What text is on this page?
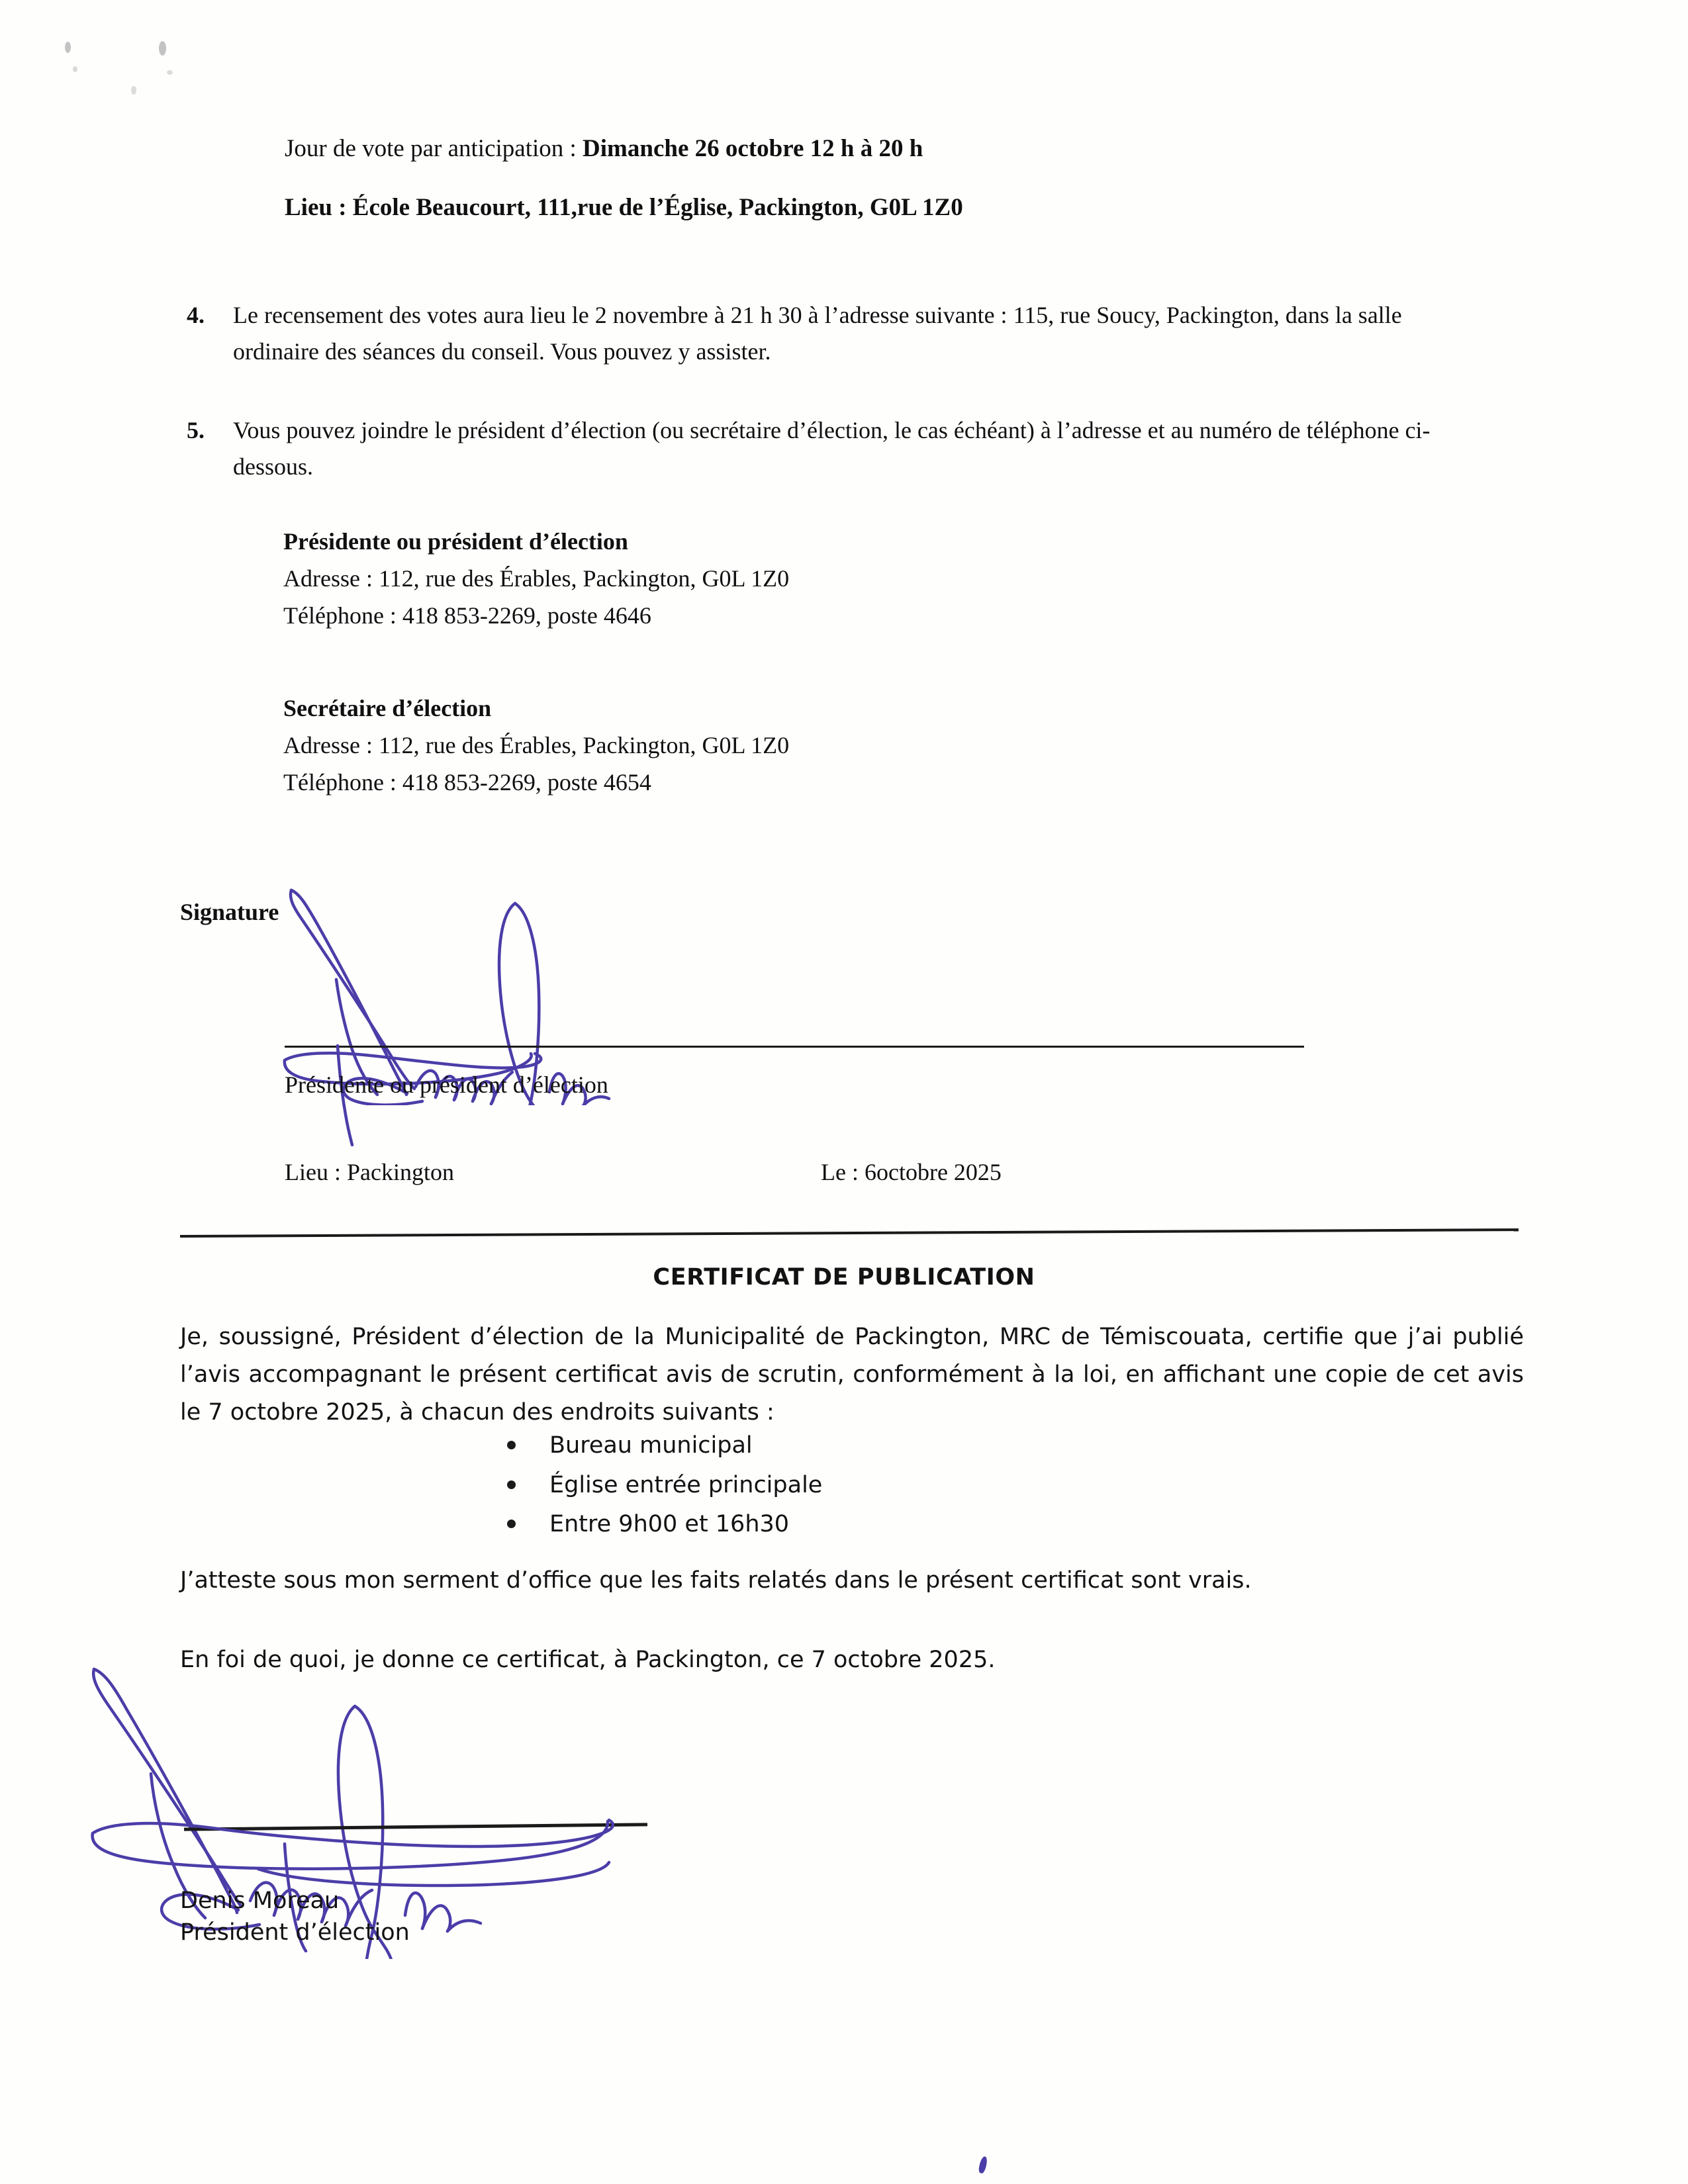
Jour de vote par anticipation : Dimanche 26 octobre 12 h à 20 h
Lieu : École Beaucourt, 111,rue de l’Église, Packington, G0L 1Z0
4.	Le recensement des votes aura lieu le 2 novembre à 21 h 30 à l’adresse suivante : 115, rue Soucy, Packington, dans la salle ordinaire des séances du conseil. Vous pouvez y assister.
5.	Vous pouvez joindre le président d’élection (ou secrétaire d’élection, le cas échéant) à l’adresse et au numéro de téléphone ci-dessous.
Présidente ou président d’élection
Adresse : 112, rue des Érables, Packington, G0L 1Z0
Téléphone : 418 853-2269, poste 4646
Secrétaire d’élection
Adresse : 112, rue des Érables, Packington, G0L 1Z0
Téléphone : 418 853-2269, poste 4654
Signature
Présidente ou président d’élection
Lieu : Packington	Le : 6octobre 2025
CERTIFICAT DE PUBLICATION
Je, soussigné, Président d’élection de la Municipalité de Packington, MRC de Témiscouata, certifie que j’ai publié l’avis accompagnant le présent certificat avis de scrutin, conformément à la loi, en affichant une copie de cet avis le 7 octobre 2025, à chacun des endroits suivants :
Bureau municipal
Église entrée principale
Entre 9h00 et 16h30
J’atteste sous mon serment d’office que les faits relatés dans le présent certificat sont vrais.
En foi de quoi, je donne ce certificat, à Packington, ce 7 octobre 2025.
Denis Moreau
Président d’élection
